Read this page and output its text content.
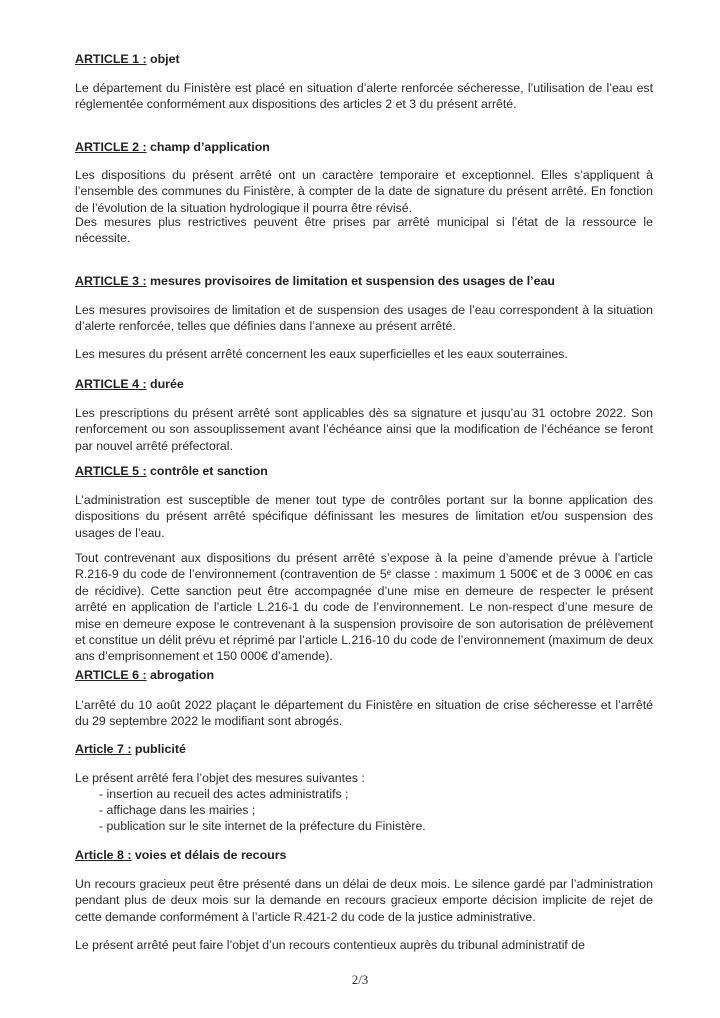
ARTICLE 1 : objet

Le département du Finistère est placé en situation d’alerte renforcée sécheresse, l’utilisation de l’eau est réglementée conformément aux dispositions des articles 2 et 3 du présent arrêté.

ARTICLE 2 : champ d’application

Les dispositions du présent arrêté ont un caractère temporaire et exceptionnel. Elles s’appliquent à l’ensemble des communes du Finistère, à compter de la date de signature du présent arrêté. En fonction de l’évolution de la situation hydrologique il pourra être révisé.

Des mesures plus restrictives peuvent être prises par arrêté municipal si l’état de la ressource le nécessite.

ARTICLE 3 : mesures provisoires de limitation et suspension des usages de l’eau

Les mesures provisoires de limitation et de suspension des usages de l’eau correspondent à la situation d’alerte renforcée, telles que définies dans l’annexe au présent arrêté.

Les mesures du présent arrêté concernent les eaux superficielles et les eaux souterraines.

ARTICLE 4 : durée

Les prescriptions du présent arrêté sont applicables dès sa signature et jusqu’au 31 octobre 2022. Son renforcement ou son assouplissement avant l’échéance ainsi que la modification de l’échéance se feront par nouvel arrêté préfectoral.

ARTICLE 5 : contrôle et sanction

L’administration est susceptible de mener tout type de contrôles portant sur la bonne application des dispositions du présent arrêté spécifique définissant les mesures de limitation et/ou suspension des usages de l’eau.

Tout contrevenant aux dispositions du présent arrêté s’expose à la peine d’amende prévue à l’article R.216-9 du code de l’environnement (contravention de 5ᵉ classe : maximum 1 500€ et de 3 000€ en cas de récidive). Cette sanction peut être accompagnée d’une mise en demeure de respecter le présent arrêté en application de l’article L.216-1 du code de l’environnement. Le non-respect d’une mesure de mise en demeure expose le contrevenant à la suspension provisoire de son autorisation de prélèvement et constitue un délit prévu et réprimé par l’article L.216-10 du code de l’environnement (maximum de deux ans d’emprisonnement et 150 000€ d’amende).

ARTICLE 6 : abrogation

L’arrêté du 10 août 2022 plaçant le département du Finistère en situation de crise sécheresse et l’arrêté du 29 septembre 2022 le modifiant sont abrogés.

Article 7 : publicité

Le présent arrêté fera l’objet des mesures suivantes :

- insertion au recueil des actes administratifs ;
- affichage dans les mairies ;
- publication sur le site internet de la préfecture du Finistère.
Article 8 : voies et délais de recours

Un recours gracieux peut être présenté dans un délai de deux mois. Le silence gardé par l’administration pendant plus de deux mois sur la demande en recours gracieux emporte décision implicite de rejet de cette demande conformément à l’article R.421-2 du code de la justice administrative.

Le présent arrêté peut faire l’objet d’un recours contentieux auprès du tribunal administratif de

2/3
